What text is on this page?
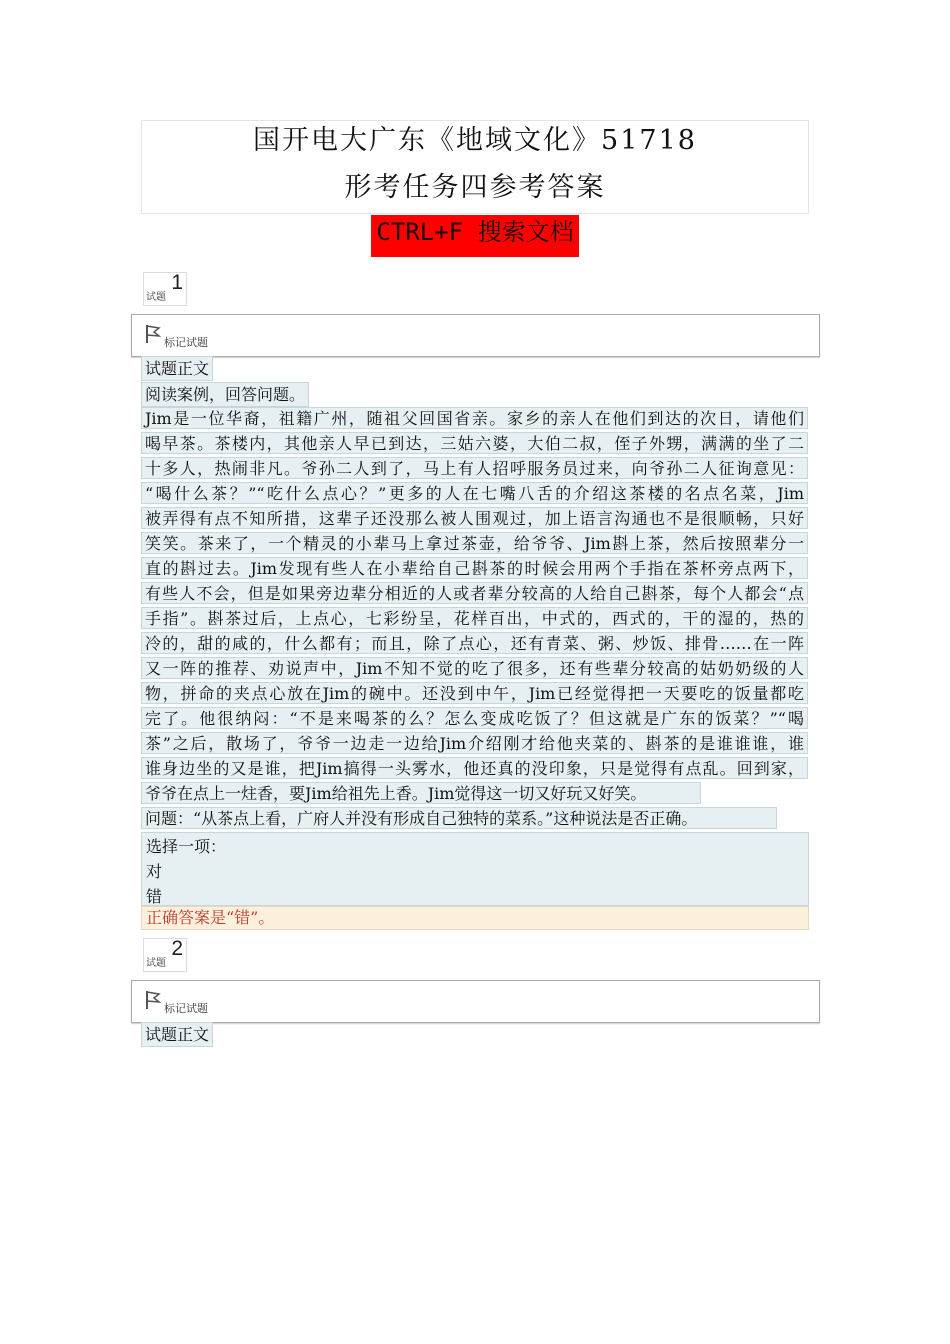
国开电大广东《地域文化》51718
形考任务四参考答案
CTRL+F 搜索文档
试题
1
标记试题
试题正文
阅读案例，回答问题。
Jim是一位华裔，祖籍广州，随祖父回国省亲。家乡的亲人在他们到达的次日，请他们
喝早茶。茶楼内，其他亲人早已到达，三姑六婆，大伯二叔，侄子外甥，满满的坐了二
十多人，热闹非凡。爷孙二人到了，马上有人招呼服务员过来，向爷孙二人征询意见：
“喝什么茶？”“吃什么点心？”更多的人在七嘴八舌的介绍这茶楼的名点名菜，Jim
被弄得有点不知所措，这辈子还没那么被人围观过，加上语言沟通也不是很顺畅，只好
笑笑。茶来了，一个精灵的小辈马上拿过茶壶，给爷爷、Jim斟上茶，然后按照辈分一
直的斟过去。Jim发现有些人在小辈给自己斟茶的时候会用两个手指在茶杯旁点两下，
有些人不会，但是如果旁边辈分相近的人或者辈分较高的人给自己斟茶，每个人都会“点
手指”。斟茶过后，上点心，七彩纷呈，花样百出，中式的，西式的，干的湿的，热的
冷的，甜的咸的，什么都有；而且，除了点心，还有青菜、粥、炒饭、排骨……在一阵
又一阵的推荐、劝说声中，Jim不知不觉的吃了很多，还有些辈分较高的姑奶奶级的人
物，拼命的夹点心放在Jim的碗中。还没到中午，Jim已经觉得把一天要吃的饭量都吃
完了。他很纳闷：“不是来喝茶的么？怎么变成吃饭了？但这就是广东的饭菜？”“喝
茶”之后，散场了，爷爷一边走一边给Jim介绍刚才给他夹菜的、斟茶的是谁谁谁，谁
谁身边坐的又是谁，把Jim搞得一头雾水，他还真的没印象，只是觉得有点乱。回到家，
爷爷在点上一炷香，要Jim给祖先上香。Jim觉得这一切又好玩又好笑。
问题：“从茶点上看，广府人并没有形成自己独特的菜系。”这种说法是否正确。
选择一项：
对
错
正确答案是“错”。
试题
2
标记试题
试题正文
